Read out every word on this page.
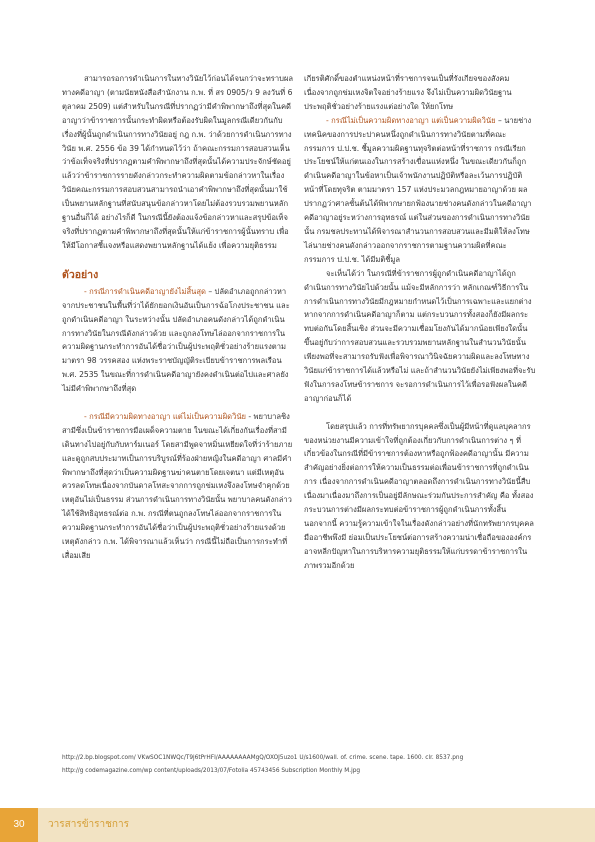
สามารถรอการดำเนินการในทางวินัยไว้ก่อนได้จนกว่าจะทราบผลทางคดีอาญา (ตามนัยหนังสือสำนักงาน ก.พ. ที่ สร 0905/ว 9 ลงวันที่ 6 ตุลาคม 2509) แต่สำหรับในกรณีที่ปรากฏว่ามีคำพิพากษาถึงที่สุดในคดีอาญาว่าข้าราชการนั้นกระทำผิดหรือต้องรับผิดในมูลกรณีเดียวกันกับเรื่องที่ผู้นั้นถูกดำเนินการทางวินัยอยู่ กฎ ก.พ. ว่าด้วยการดำเนินการทางวินัย พ.ศ. 2556 ข้อ 39 ได้กำหนดไว้ว่า ถ้าคณะกรรมการสอบสวนเห็นว่าข้อเท็จจริงที่ปรากฏตามคำพิพากษาถึงที่สุดนั้นได้ความประจักษ์ชัดอยู่แล้วว่าข้าราชการรายดังกล่าวกระทำความผิดตามข้อกล่าวหาในเรื่องวินัยคณะกรรมการสอบสวนสามารถนำเอาคำพิพากษาถึงที่สุดนั้นมาใช้เป็นพยานหลักฐานที่สนับสนุนข้อกล่าวหาโดยไม่ต้องรวบรวมพยานหลักฐานอื่นก็ได้ อย่างไรก็ดี ในกรณีนี้ยังต้องแจ้งข้อกล่าวหาและสรุปข้อเท็จจริงที่ปรากฏตามคำพิพากษาถึงที่สุดนั้นให้แก่ข้าราชการผู้นั้นทราบ เพื่อให้มีโอกาสชี้แจงหรือแสดงพยานหลักฐานได้แย้ง เพื่อความยุติธรรม

ตัวอย่าง

- กรณีการดำเนินคดีอาญายังไม่สิ้นสุด – ปลัดอำเภอถูกกล่าวหาจากประชาชนในพื้นที่ว่าได้ยักยอกเงินอันเป็นการฉ้อโกงประชาชน และถูกดำเนินคดีอาญา ในระหว่างนั้น ปลัดอำเภอคนดังกล่าวได้ถูกดำเนินการทางวินัยในกรณีดังกล่าวด้วย และถูกลงโทษไล่ออกจากราชการในความผิดฐานกระทำการอันได้ชื่อว่าเป็นผู้ประพฤติชั่วอย่างร้ายแรงตามมาตรา 98 วรรคสอง แห่งพระราชบัญญัติระเบียบข้าราชการพลเรือน พ.ศ. 2535 ในขณะที่การดำเนินคดีอาญายังคงดำเนินต่อไปและศาลยังไม่มีคำพิพากษาถึงที่สุด

- กรณีมีความผิดทางอาญา แต่ไม่เป็นความผิดวินัย - พยาบาลชิงสามีซึ่งเป็นข้าราชการมือเผด็จความตาย ในขณะได้เกี่ยงกันเรื่องที่สามีเดินทางไปอยู่กับกับหาร์มเนอร์ โดยสามีพูดจาหมิ่นเหยียดใจที่ว่าร้ายภาย และดูถูกสบประมาทเป็นการบริบูรณ์ที่ร้องฝ่ายหญิงในคดีอาญา ศาลมีคำพิพากษาถึงที่สุดว่าเป็นความผิดฐานฆ่าคนตายโดยเจตนา แต่มีเหตุอันควรลดโทษเนื่องจากบันดาลโทสะจากการถูกข่มเหงจึงลงโทษจำคุกด้วยเหตุอันไม่เป็นธรรม ส่วนการดำเนินการทางวินัยนั้น พยาบาลคนดังกล่าวได้ใช้สิทธิอุทธรณ์ต่อ ก.พ. กรณีที่ตนถูกลงโทษไล่ออกจากราชการในความผิดฐานกระทำการอันได้ชื่อว่าเป็นผู้ประพฤติชั่วอย่างร้ายแรงด้วยเหตุดังกล่าว ก.พ. ได้พิจารณาแล้วเห็นว่า กรณีนี้ไม่ถือเป็นการกระทำที่เสื่อมเสีย

เกียรติศักดิ์ของตำแหน่งหน้าที่ราชการจนเป็นที่รังเกียจของสังคม เนื่องจากถูกข่มเหงจิตใจอย่างร้ายแรง จึงไม่เป็นความผิดวินัยฐานประพฤติชั่วอย่างร้ายแรงแต่อย่างใด ให้ยกโทษ

- กรณีไม่เป็นความผิดทางอาญา แต่เป็นความผิดวินัย – นายช่างเทคนิคของการประปาคนหนึ่งถูกดำเนินการทางวินัยตามที่คณะกรรมการ ป.ป.ช. ชี้มูลความผิดฐานทุจริตต่อหน้าที่ราชการ กรณีเรียกประโยชน์ให้แก่ตนเองในการสร้างเขื่อนแห่งหนึ่ง ในขณะเดียวกันก็ถูกดำเนินคดีอาญาในข้อหาเป็นเจ้าพนักงานปฏิบัติหรือละเว้นการปฏิบัติหน้าที่โดยทุจริต ตามมาตรา 157 แห่งประมวลกฎหมายอาญาด้วย ผลปรากฏว่าศาลชั้นต้นได้พิพากษายกฟ้องนายช่างคนดังกล่าวในคดีอาญา คดีอาญาอยู่ระหว่างการอุทธรณ์ แต่ในส่วนของการดำเนินการทางวินัยนั้น กรมชลประทานได้พิจารณาสำนวนการสอบสวนและมีมติให้ลงโทษไล่นายช่างคนดังกล่าวออกจากราชการตามฐานความผิดที่คณะกรรมการ ป.ป.ช. ได้มีมติชี้มูล

จะเห็นได้ว่า ในกรณีที่ข้าราชการผู้ถูกดำเนินคดีอาญาได้ถูกดำเนินการทางวินัยไปด้วยนั้น แม้จะมีหลักการว่า หลักเกณฑ์วิธีการในการดำเนินการทางวินัยมีกฎหมายกำหนดไว้เป็นการเฉพาะและแยกต่างหากจากการดำเนินคดีอาญาก็ตาม แต่กระบวนการทั้งสองก็ยังมีผลกระทบต่อกันโดยสิ้นเชิง ส่วนจะมีความเชื่อมโยงกันได้มากน้อยเพียงใดนั้น ขึ้นอยู่กับว่าการสอบสวนและรวบรวมพยานหลักฐานในสำนวนวินัยนั้นเพียงพอที่จะสามารถรับฟังเพื่อพิจารณาวินิจฉัยความผิดและลงโทษทางวินัยแก่ข้าราชการได้แล้วหรือไม่ และถ้าสำนวนวินัยยังไม่เพียงพอที่จะรับฟังในการลงโทษข้าราชการ จะรอการดำเนินการไว้เพื่อรอฟังผลในคดีอาญาก่อนก็ได้

โดยสรุปแล้ว การที่ทรัพยากรบุคคลซึ่งเป็นผู้มีหน้าที่ดูแลบุคลากรของหน่วยงานมีความเข้าใจที่ถูกต้องเกี่ยวกับการดำเนินการต่าง ๆ ที่เกี่ยวข้องในกรณีที่มีข้าราชการต้องหาหรือถูกฟ้องคดีอาญานั้น มีความสำคัญอย่างยิ่งต่อการให้ความเป็นธรรมต่อเพื่อนข้าราชการที่ถูกดำเนินการ เนื่องจากการดำเนินคดีอาญาตลอดถึงการดำเนินการทางวินัยนี้สืบเนื่องมาเนื่องมาถึงการเป็นอยู่มีลักษณะร่วมกันประการสำคัญ คือ ทั้งสองกระบวนการต่างมีผลกระทบต่อข้าราชการผู้ถูกดำเนินการทั้งสิ้น นอกจากนี้ ความรู้ความเข้าใจในเรื่องดังกล่าวอย่างที่นักทรัพยากรบุคคลมืออาชีพพึงมี ย่อมเป็นประโยชน์ต่อการสร้างความน่าเชื่อถือขององค์กรอาจหลีกปัญหาในการบริหารความยุติธรรมให้แก่บรรดาข้าราชการในภาพรวมอีกด้วย

http://2.bp.blogspot.com/ VKwSOC1NWQc/T9j6tPrHFI/AAAAAAAAMgQ/OXOJ5uzo1 U/s1600/wall. of. crime. scene. tape. 1600. clr. 8537.png

http://g codemagazine.com/wp content/uploads/2013/07/Fotolia 45743456 Subscription Monthly M.jpg

30	วารสารข้าราชการ
